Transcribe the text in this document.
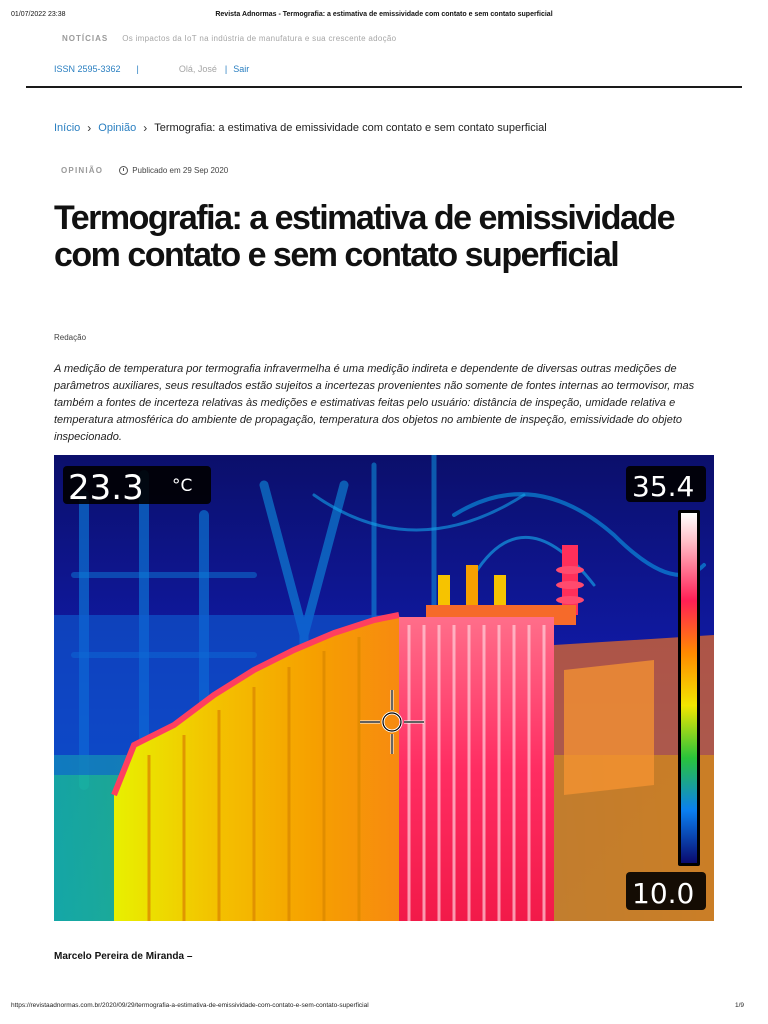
01/07/2022 23:38	Revista Adnormas - Termografia: a estimativa de emissividade com contato e sem contato superficial
NOTÍCIAS Os impactos da IoT na indústria de manufatura e sua crescente adoção
ISSN 2595-3362 |	Olá, José | Sair
Início › Opinião › Termografia: a estimativa de emissividade com contato e sem contato superficial
OPINIÃO	Publicado em 29 Sep 2020
Termografia: a estimativa de emissividade com contato e sem contato superficial
Redação

A medição de temperatura por termografia infravermelha é uma medição indireta e dependente de diversas outras medições de parâmetros auxiliares, seus resultados estão sujeitos a incertezas provenientes não somente de fontes internas ao termovisor, mas também a fontes de incerteza relativas às medições e estimativas feitas pelo usuário: distância de inspeção, umidade relativa e temperatura atmosférica do ambiente de propagação, temperatura dos objetos no ambiente de inspeção, emissividade do objeto inspecionado.

23.3 °C	35.4
10.0
Marcelo Pereira de Miranda –
https://revistaadnormas.com.br/2020/09/29/termografia-a-estimativa-de-emissividade-com-contato-e-sem-contato-superficial	1/9
